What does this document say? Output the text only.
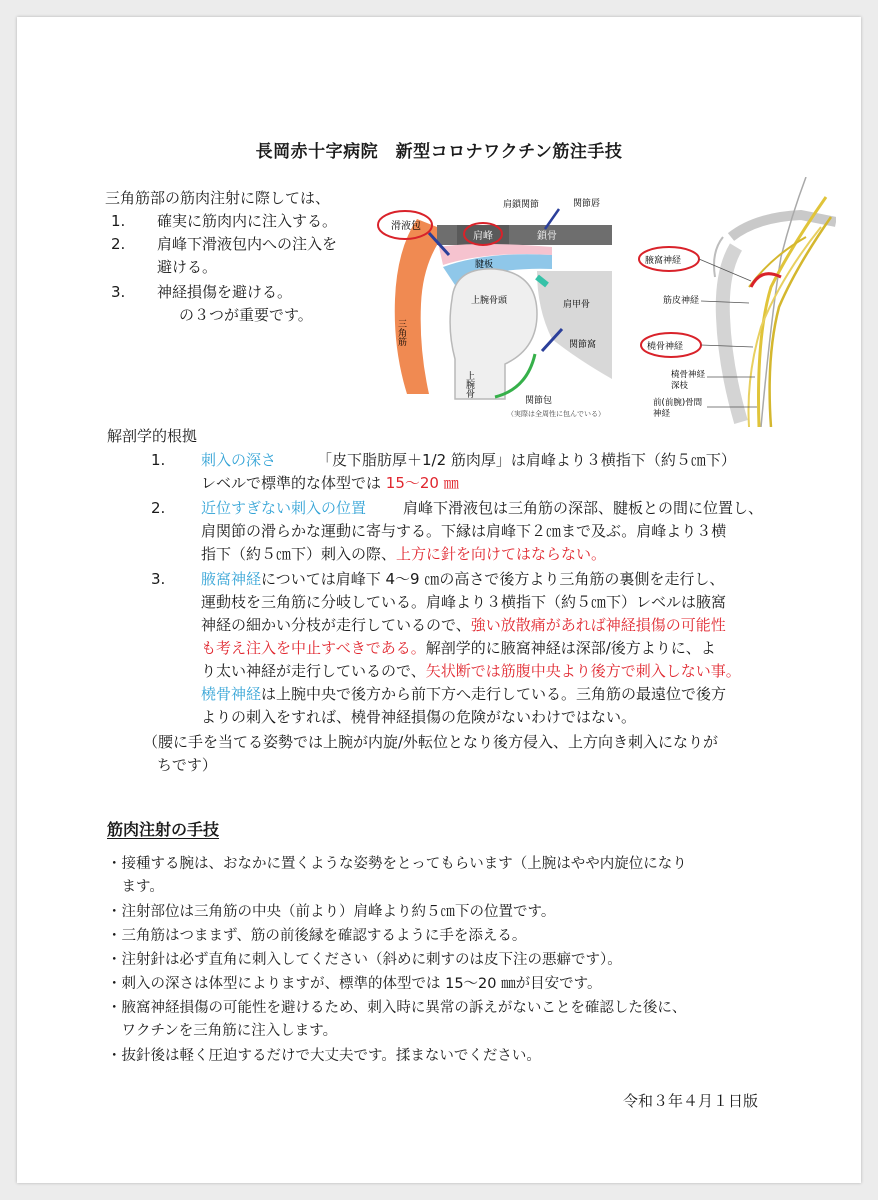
長岡赤十字病院　新型コロナワクチン筋注手技
三角筋部の筋肉注射に際しては、
1. 確実に筋肉内に注入する。
2. 肩峰下滑液包内への注入を
避ける。
3. 神経損傷を避ける。
の３つが重要です。
滑液包
肩鎖関節	関節唇
肩峰	鎖骨
腱板
上腕骨頭	肩甲骨
関節窩
関節包
三角筋
上腕骨
（実際は全周性に包んでいる）
腋窩神経
筋皮神経
橈骨神経
橈骨神経
深枝
前(前腕)骨間
神経
解剖学的根拠
1. 刺入の深さ	「皮下脂肪厚＋1/2 筋肉厚」は肩峰より３横指下（約５㎝下）
レベルで標準的な体型では 15～20 ㎜
2. 近位すぎない刺入の位置 肩峰下滑液包は三角筋の深部、腱板との間に位置し、
肩関節の滑らかな運動に寄与する。下縁は肩峰下２㎝まで及ぶ。肩峰より３横
指下（約５㎝下）刺入の際、上方に針を向けてはならない。
3. 腋窩神経については肩峰下 4～9 ㎝の高さで後方より三角筋の裏側を走行し、
運動枝を三角筋に分岐している。肩峰より３横指下（約５㎝下）レベルは腋窩
神経の細かい分枝が走行しているので、強い放散痛があれば神経損傷の可能性
も考え注入を中止すべきである。解剖学的に腋窩神経は深部/後方よりに、よ
り太い神経が走行しているので、矢状断では筋腹中央より後方で刺入しない事。
橈骨神経は上腕中央で後方から前下方へ走行している。三角筋の最遠位で後方
よりの刺入をすれば、橈骨神経損傷の危険がないわけではない。
（腰に手を当てる姿勢では上腕が内旋/外転位となり後方侵入、上方向き刺入になりが
ちです）
筋肉注射の手技
・接種する腕は、おなかに置くような姿勢をとってもらいます（上腕はやや内旋位になり
　ます。
・注射部位は三角筋の中央（前より）肩峰より約５㎝下の位置です。
・三角筋はつままず、筋の前後縁を確認するように手を添える。
・注射針は必ず直角に刺入してください（斜めに刺すのは皮下注の悪癖です）。
・刺入の深さは体型によりますが、標準的体型では 15～20 ㎜が目安です。
・腋窩神経損傷の可能性を避けるため、刺入時に異常の訴えがないことを確認した後に、
　ワクチンを三角筋に注入します。
・抜針後は軽く圧迫するだけで大丈夫です。揉まないでください。
令和３年４月１日版
